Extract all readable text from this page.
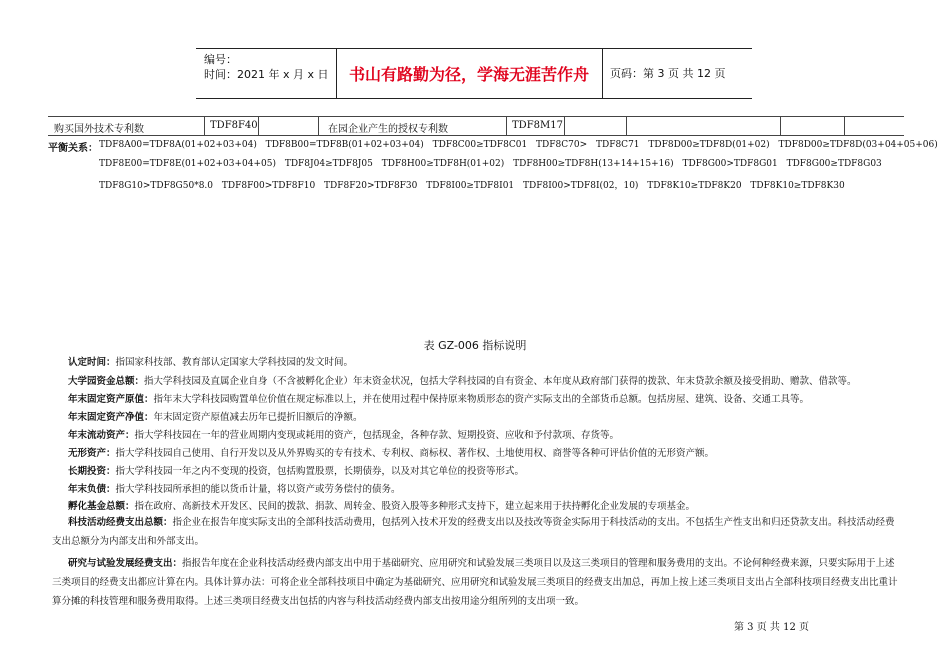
编号：
时间：2021 年 x 月 x 日	书山有路勤为径，学海无涯苦作舟	页码：第 3 页 共 12 页
购买国外技术专利数	TDF8F40	在园企业产生的授权专利数	TDF8M17
平衡关系： TDF8A00=TDF8A(01+02+03+04) TDF8B00=TDF8B(01+02+03+04) TDF8C00≥TDF8C01 TDF8C70> TDF8C71 TDF8D00≥TDF8D(01+02) TDF8D00≥TDF8D(03+04+05+06)
TDF8E00=TDF8E(01+02+03+04+05) TDF8J04≥TDF8J05 TDF8H00≥TDF8H(01+02) TDF8H00≥TDF8H(13+14+15+16) TDF8G00>TDF8G01 TDF8G00≥TDF8G03
TDF8G10>TDF8G50*8.0 TDF8F00>TDF8F10 TDF8F20>TDF8F30 TDF8I00≥TDF8I01 TDF8I00>TDF8I(02，10) TDF8K10≥TDF8K20 TDF8K10≥TDF8K30
表 GZ-006 指标说明
认定时间：指国家科技部、教育部认定国家大学科技园的发文时间。
大学园资金总额：指大学科技园及直属企业自身（不含被孵化企业）年末资金状况，包括大学科技园的自有资金、本年度从政府部门获得的拨款、年末贷款余额及接受捐助、赠款、借款等。
年末固定资产原值：指年末大学科技园购置单位价值在规定标准以上，并在使用过程中保持原来物质形态的资产实际支出的全部货币总额。包括房屋、建筑、设备、交通工具等。
年末固定资产净值：年末固定资产原值减去历年已提折旧额后的净额。
年末流动资产：指大学科技园在一年的营业周期内变现或耗用的资产，包括现金，各种存款、短期投资、应收和予付款项、存货等。
无形资产：指大学科技园自己使用、自行开发以及从外界购买的专有技术、专利权、商标权、著作权、土地使用权、商誉等各种可评估价值的无形资产额。
长期投资：指大学科技园一年之内不变现的投资，包括购置股票，长期债券，以及对其它单位的投资等形式。
年末负债：指大学科技园所承担的能以货币计量，将以资产或劳务偿付的债务。
孵化基金总额：指在政府、高新技术开发区、民间的拨款、捐款、周转金、股资入股等多种形式支持下，建立起来用于扶持孵化企业发展的专项基金。
科技活动经费支出总额：指企业在报告年度实际支出的全部科技活动费用，包括列入技术开发的经费支出以及技改等资金实际用于科技活动的支出。不包括生产性支出和归还贷款支出。科技活动经费支出总额分为内部支出和外部支出。
研究与试验发展经费支出：指报告年度在企业科技活动经费内部支出中用于基础研究、应用研究和试验发展三类项目以及这三类项目的管理和服务费用的支出。不论何种经费来源，只要实际用于上述三类项目的经费支出都应计算在内。具体计算办法：可将企业全部科技项目中确定为基础研究、应用研究和试验发展三类项目的经费支出加总，再加上按上述三类项目支出占全部科技项目经费支出比重计算分摊的科技管理和服务费用取得。上述三类项目经费支出包括的内容与科技活动经费内部支出按用途分组所列的支出项一致。
第 3 页 共 12 页
